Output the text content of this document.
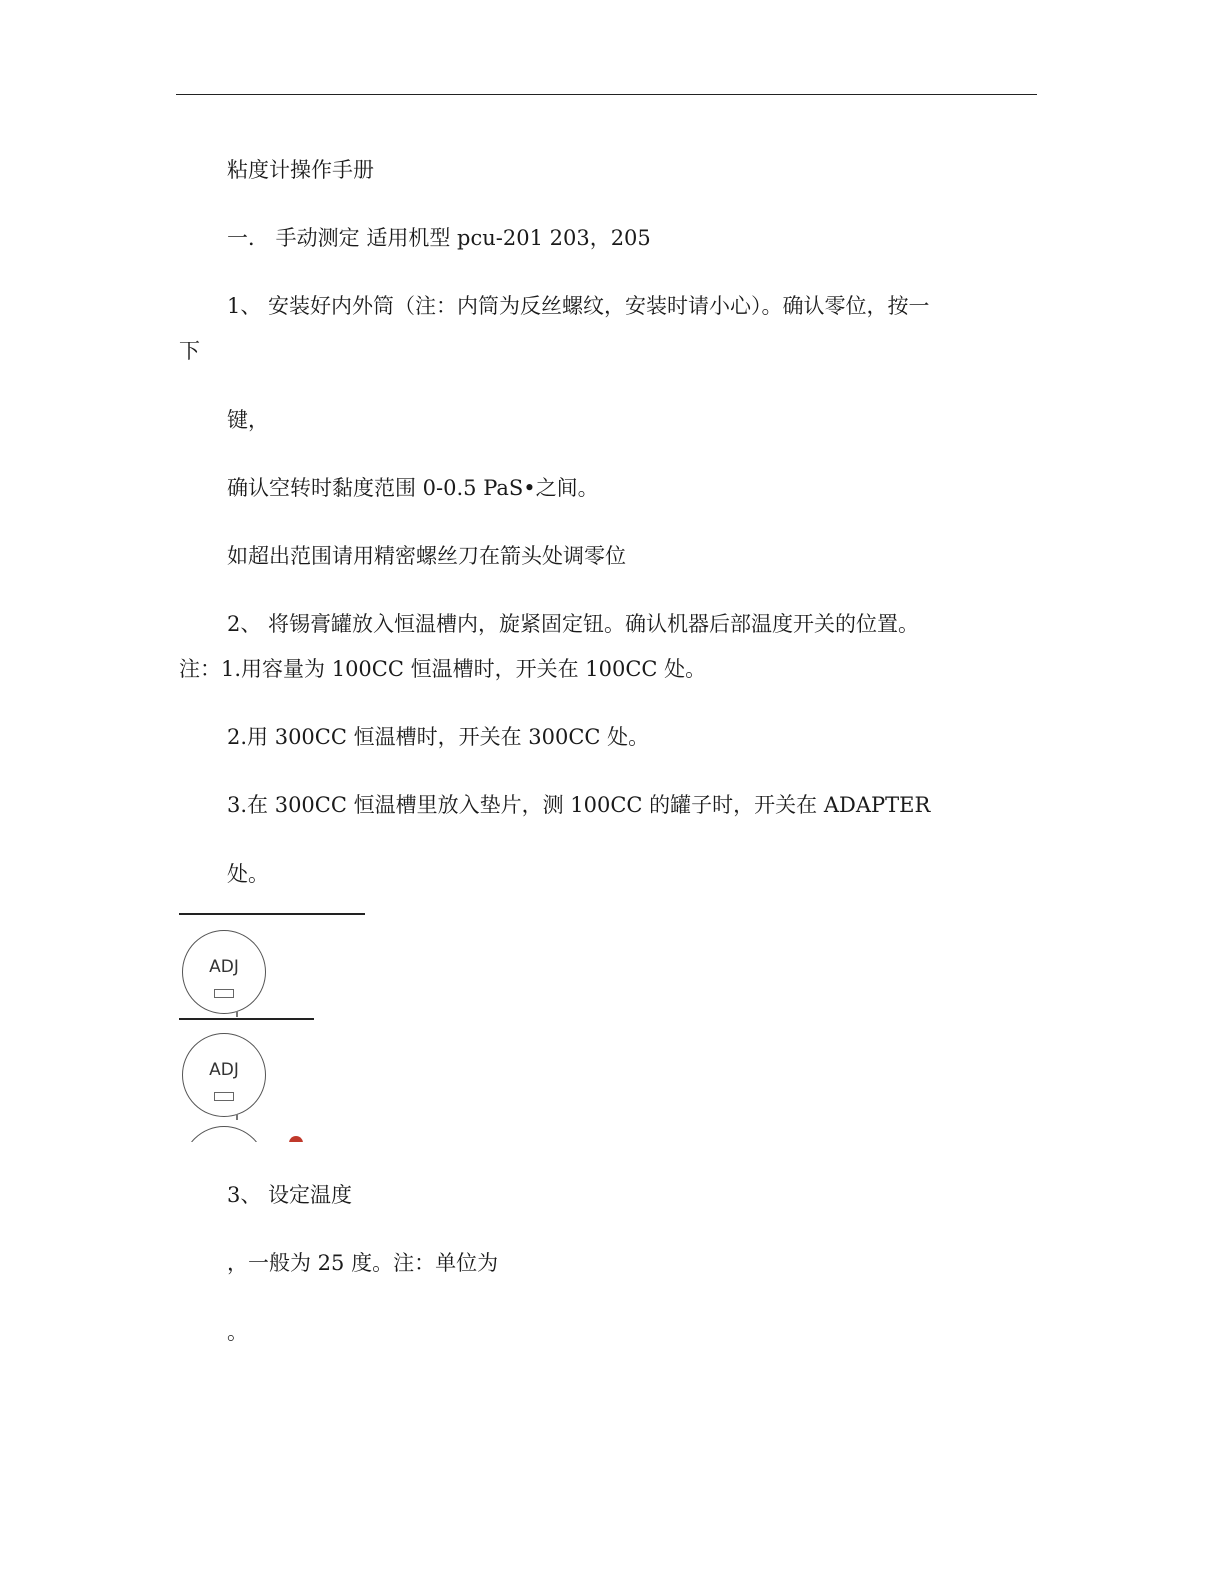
粘度计操作手册
一． 手动测定 适用机型 pcu-201 203，205
1、 安装好内外筒（注：内筒为反丝螺纹，安装时请小心）。确认零位，按一
下
键，
确认空转时黏度范围 0-0.5 PaS•之间。
如超出范围请用精密螺丝刀在箭头处调零位
2、 将锡膏罐放入恒温槽内，旋紧固定钮。确认机器后部温度开关的位置。
注：1.用容量为 100CC 恒温槽时，开关在 100CC 处。
2.用 300CC 恒温槽时，开关在 300CC 处。
3.在 300CC 恒温槽里放入垫片，测 100CC 的罐子时，开关在 ADAPTER
处。
ADJ
ADJ
3、 设定温度
，一般为 25 度。注：单位为
。
